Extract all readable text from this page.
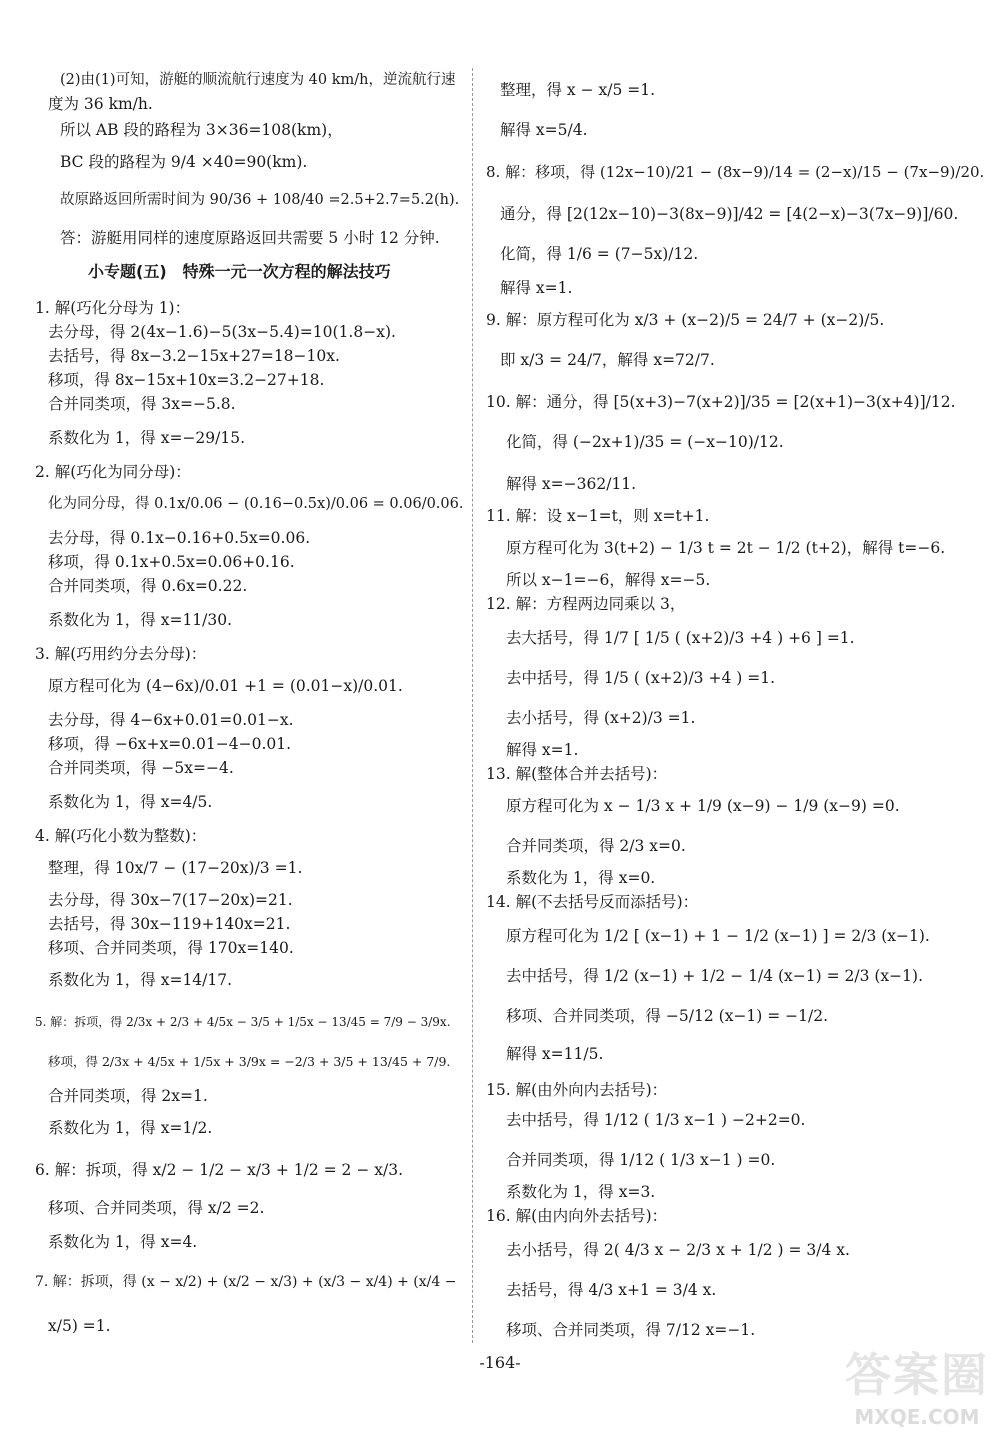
(2)由(1)可知，游艇的顺流航行速度为 40 km/h，逆流航行速
度为 36 km/h.
所以 AB 段的路程为 3×36=108(km)，
BC 段的路程为 9/4 ×40=90(km).
故原路返回所需时间为 90/36 + 108/40 =2.5+2.7=5.2(h).
答：游艇用同样的速度原路返回共需要 5 小时 12 分钟.
小专题(五)　特殊一元一次方程的解法技巧
1. 解(巧化分母为 1)：
去分母，得 2(4x−1.6)−5(3x−5.4)=10(1.8−x).
去括号，得 8x−3.2−15x+27=18−10x.
移项，得 8x−15x+10x=3.2−27+18.
合并同类项，得 3x=−5.8.
系数化为 1，得 x=−29/15.
2. 解(巧化为同分母)：
化为同分母，得 0.1x/0.06 − (0.16−0.5x)/0.06 = 0.06/0.06.
去分母，得 0.1x−0.16+0.5x=0.06.
移项，得 0.1x+0.5x=0.06+0.16.
合并同类项，得 0.6x=0.22.
系数化为 1，得 x=11/30.
3. 解(巧用约分去分母)：
原方程可化为 (4−6x)/0.01 +1 = (0.01−x)/0.01.
去分母，得 4−6x+0.01=0.01−x.
移项，得 −6x+x=0.01−4−0.01.
合并同类项，得 −5x=−4.
系数化为 1，得 x=4/5.
4. 解(巧化小数为整数)：
整理，得 10x/7 − (17−20x)/3 =1.
去分母，得 30x−7(17−20x)=21.
去括号，得 30x−119+140x=21.
移项、合并同类项，得 170x=140.
系数化为 1，得 x=14/17.
5. 解：拆项，得 2/3x + 2/3 + 4/5x − 3/5 + 1/5x − 13/45 = 7/9 − 3/9x.
移项，得 2/3x + 4/5x + 1/5x + 3/9x = −2/3 + 3/5 + 13/45 + 7/9.
合并同类项，得 2x=1.
系数化为 1，得 x=1/2.
6. 解：拆项，得 x/2 − 1/2 − x/3 + 1/2 = 2 − x/3.
移项、合并同类项，得 x/2 =2.
系数化为 1，得 x=4.
7. 解：拆项，得 (x − x/2) + (x/2 − x/3) + (x/3 − x/4) + (x/4 −
x/5) =1.
整理，得 x − x/5 =1.
解得 x=5/4.
8. 解：移项，得 (12x−10)/21 − (8x−9)/14 = (2−x)/15 − (7x−9)/20.
通分，得 [2(12x−10)−3(8x−9)]/42 = [4(2−x)−3(7x−9)]/60.
化简，得 1/6 = (7−5x)/12.
解得 x=1.
9. 解：原方程可化为 x/3 + (x−2)/5 = 24/7 + (x−2)/5.
即 x/3 = 24/7，解得 x=72/7.
10. 解：通分，得 [5(x+3)−7(x+2)]/35 = [2(x+1)−3(x+4)]/12.
化简，得 (−2x+1)/35 = (−x−10)/12.
解得 x=−362/11.
11. 解：设 x−1=t，则 x=t+1.
原方程可化为 3(t+2) − 1/3 t = 2t − 1/2 (t+2)，解得 t=−6.
所以 x−1=−6，解得 x=−5.
12. 解：方程两边同乘以 3，
去大括号，得 1/7 [ 1/5 ( (x+2)/3 +4 ) +6 ] =1.
去中括号，得 1/5 ( (x+2)/3 +4 ) =1.
去小括号，得 (x+2)/3 =1.
解得 x=1.
13. 解(整体合并去括号)：
原方程可化为 x − 1/3 x + 1/9 (x−9) − 1/9 (x−9) =0.
合并同类项，得 2/3 x=0.
系数化为 1，得 x=0.
14. 解(不去括号反而添括号)：
原方程可化为 1/2 [ (x−1) + 1 − 1/2 (x−1) ] = 2/3 (x−1).
去中括号，得 1/2 (x−1) + 1/2 − 1/4 (x−1) = 2/3 (x−1).
移项、合并同类项，得 −5/12 (x−1) = −1/2.
解得 x=11/5.
15. 解(由外向内去括号)：
去中括号，得 1/12 ( 1/3 x−1 ) −2+2=0.
合并同类项，得 1/12 ( 1/3 x−1 ) =0.
系数化为 1，得 x=3.
16. 解(由内向外去括号)：
去小括号，得 2( 4/3 x − 2/3 x + 1/2 ) = 3/4 x.
去括号，得 4/3 x+1 = 3/4 x.
移项、合并同类项，得 7/12 x=−1.
-164-	答案圈
MXQE.COM
